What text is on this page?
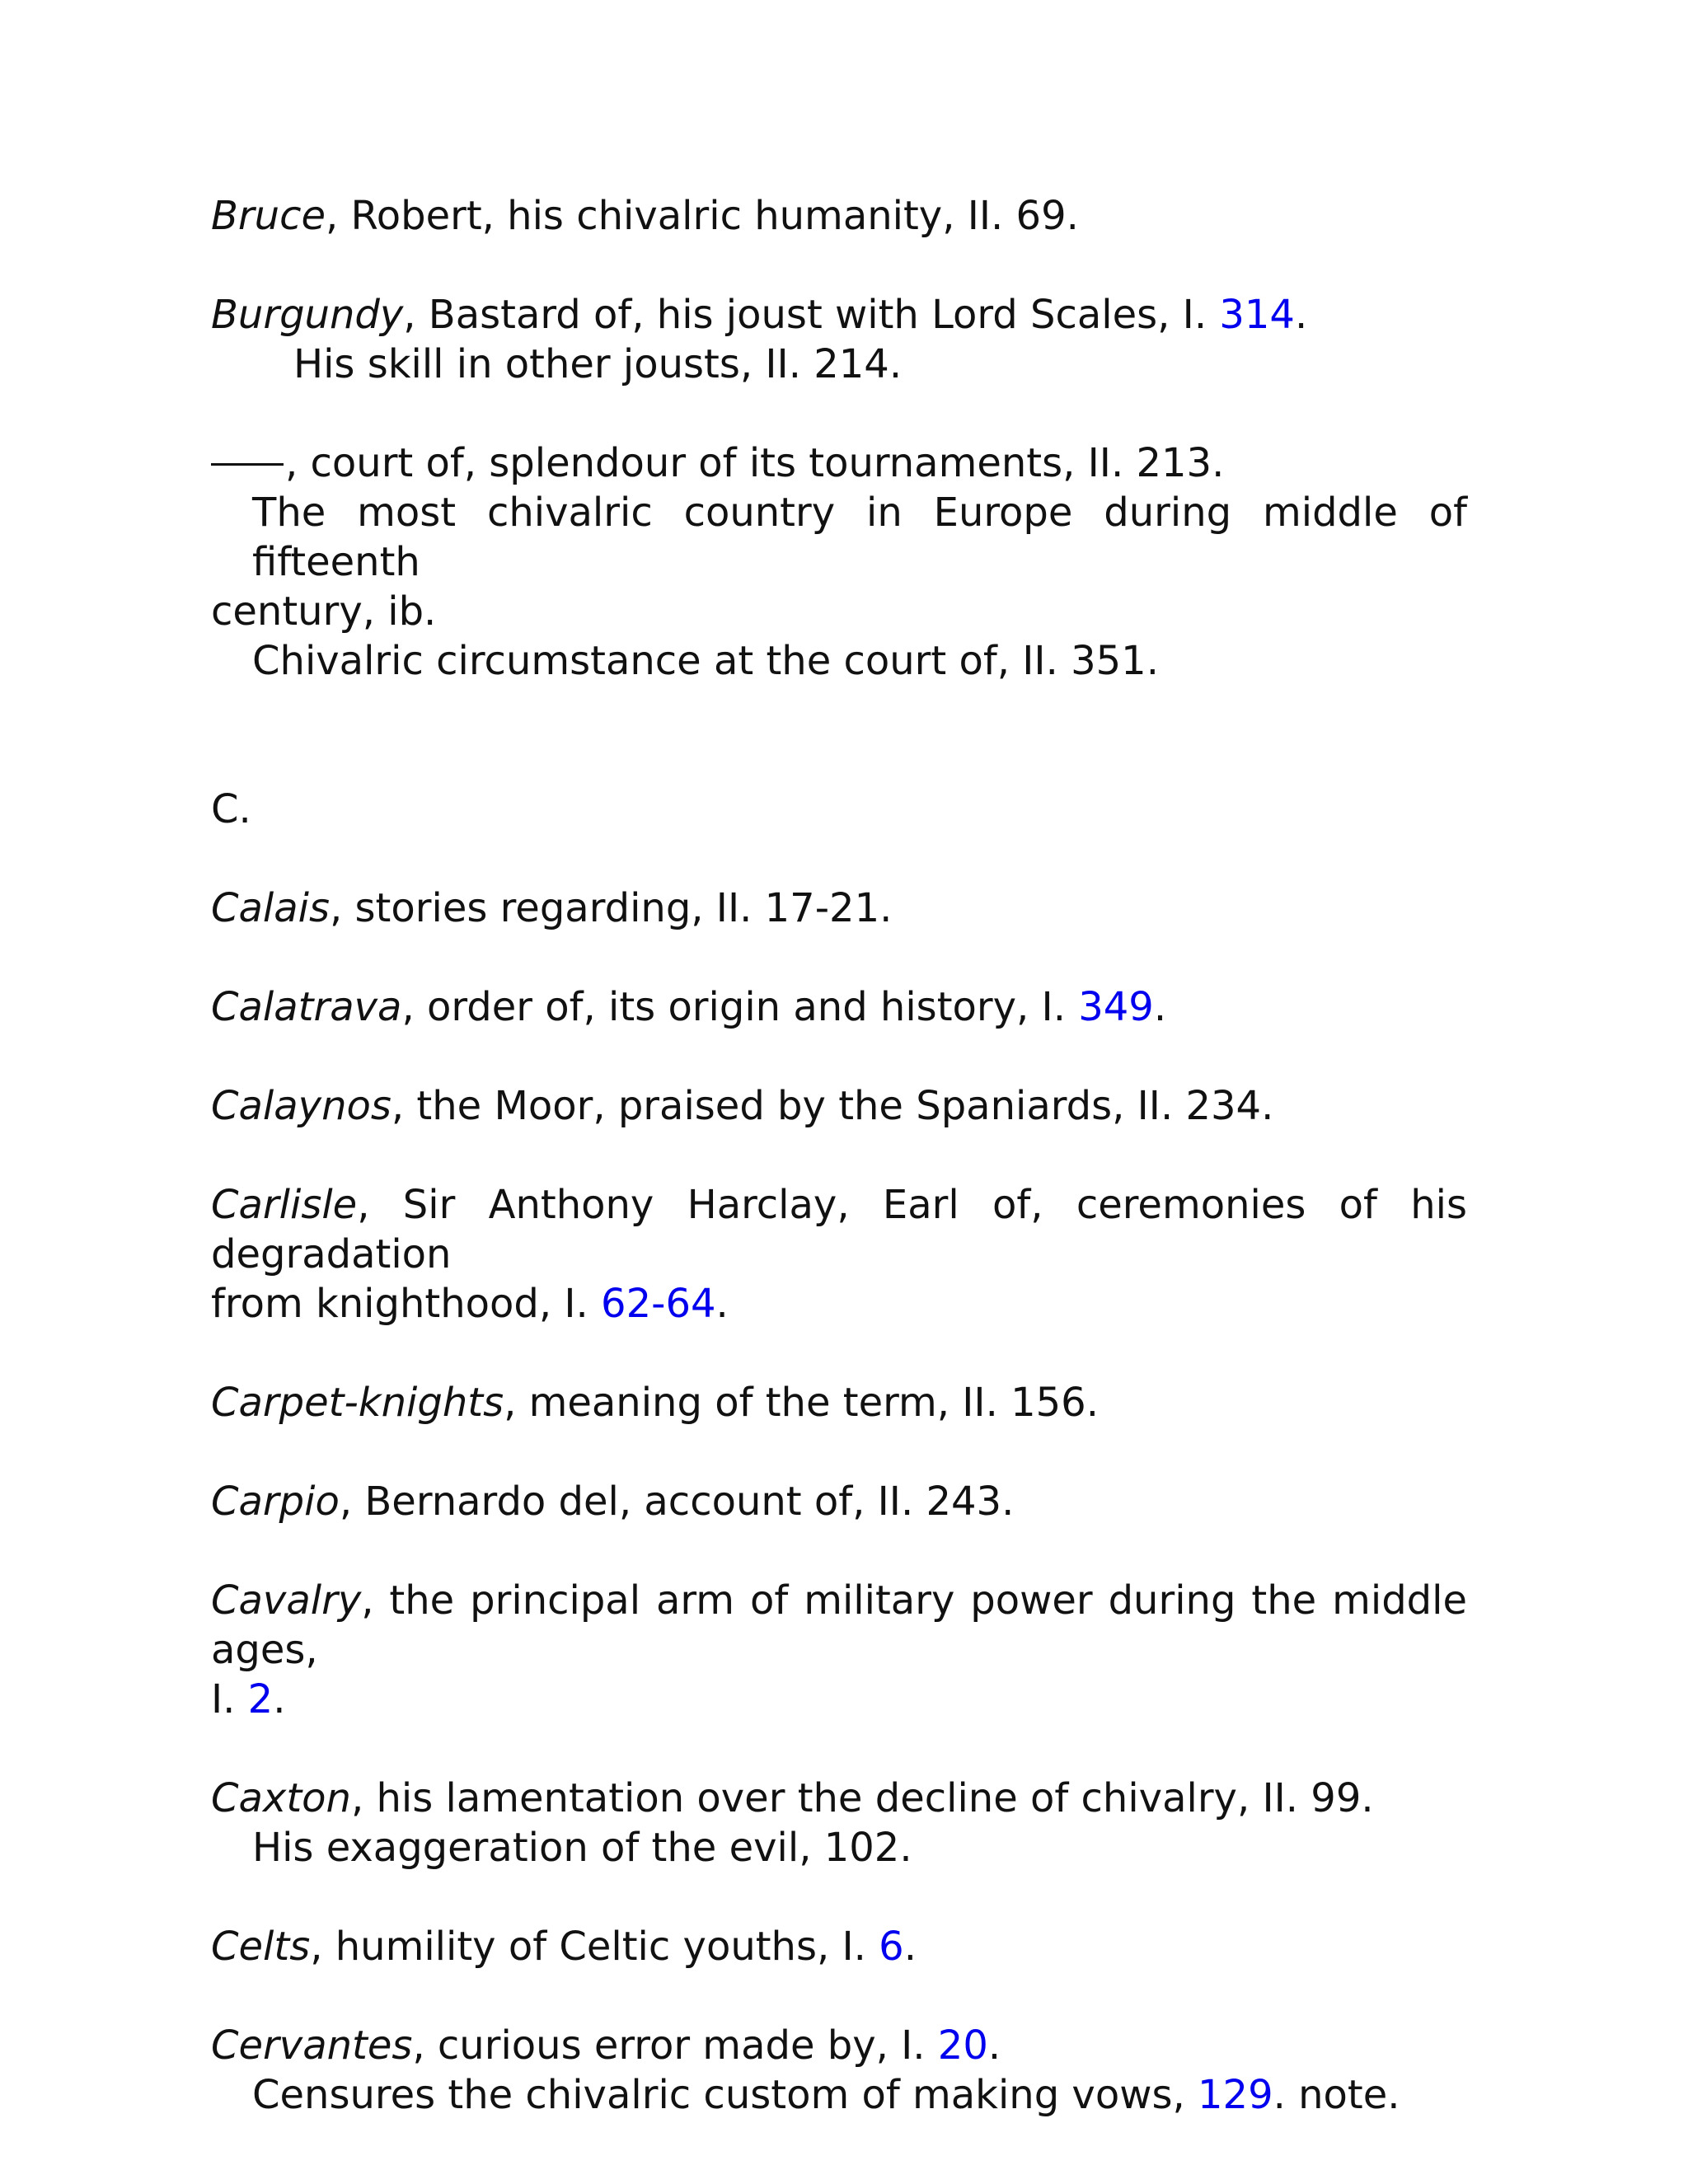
Bruce, Robert, his chivalric humanity, II. 69.
Burgundy, Bastard of, his joust with Lord Scales, I. 314.
His skill in other jousts, II. 214.
, court of, splendour of its tournaments, II. 213.
The most chivalric country in Europe during middle of fifteenth
century, ib.
Chivalric circumstance at the court of, II. 351.
C.
Calais, stories regarding, II. 17-21.
Calatrava, order of, its origin and history, I. 349.
Calaynos, the Moor, praised by the Spaniards, II. 234.
Carlisle, Sir Anthony Harclay, Earl of, ceremonies of his degradation
from knighthood, I. 62-64.
Carpet-knights, meaning of the term, II. 156.
Carpio, Bernardo del, account of, II. 243.
Cavalry, the principal arm of military power during the middle ages,
I. 2.
Caxton, his lamentation over the decline of chivalry, II. 99.
His exaggeration of the evil, 102.
Celts, humility of Celtic youths, I. 6.
Cervantes, curious error made by, I. 20.
Censures the chivalric custom of making vows, 129. note.
